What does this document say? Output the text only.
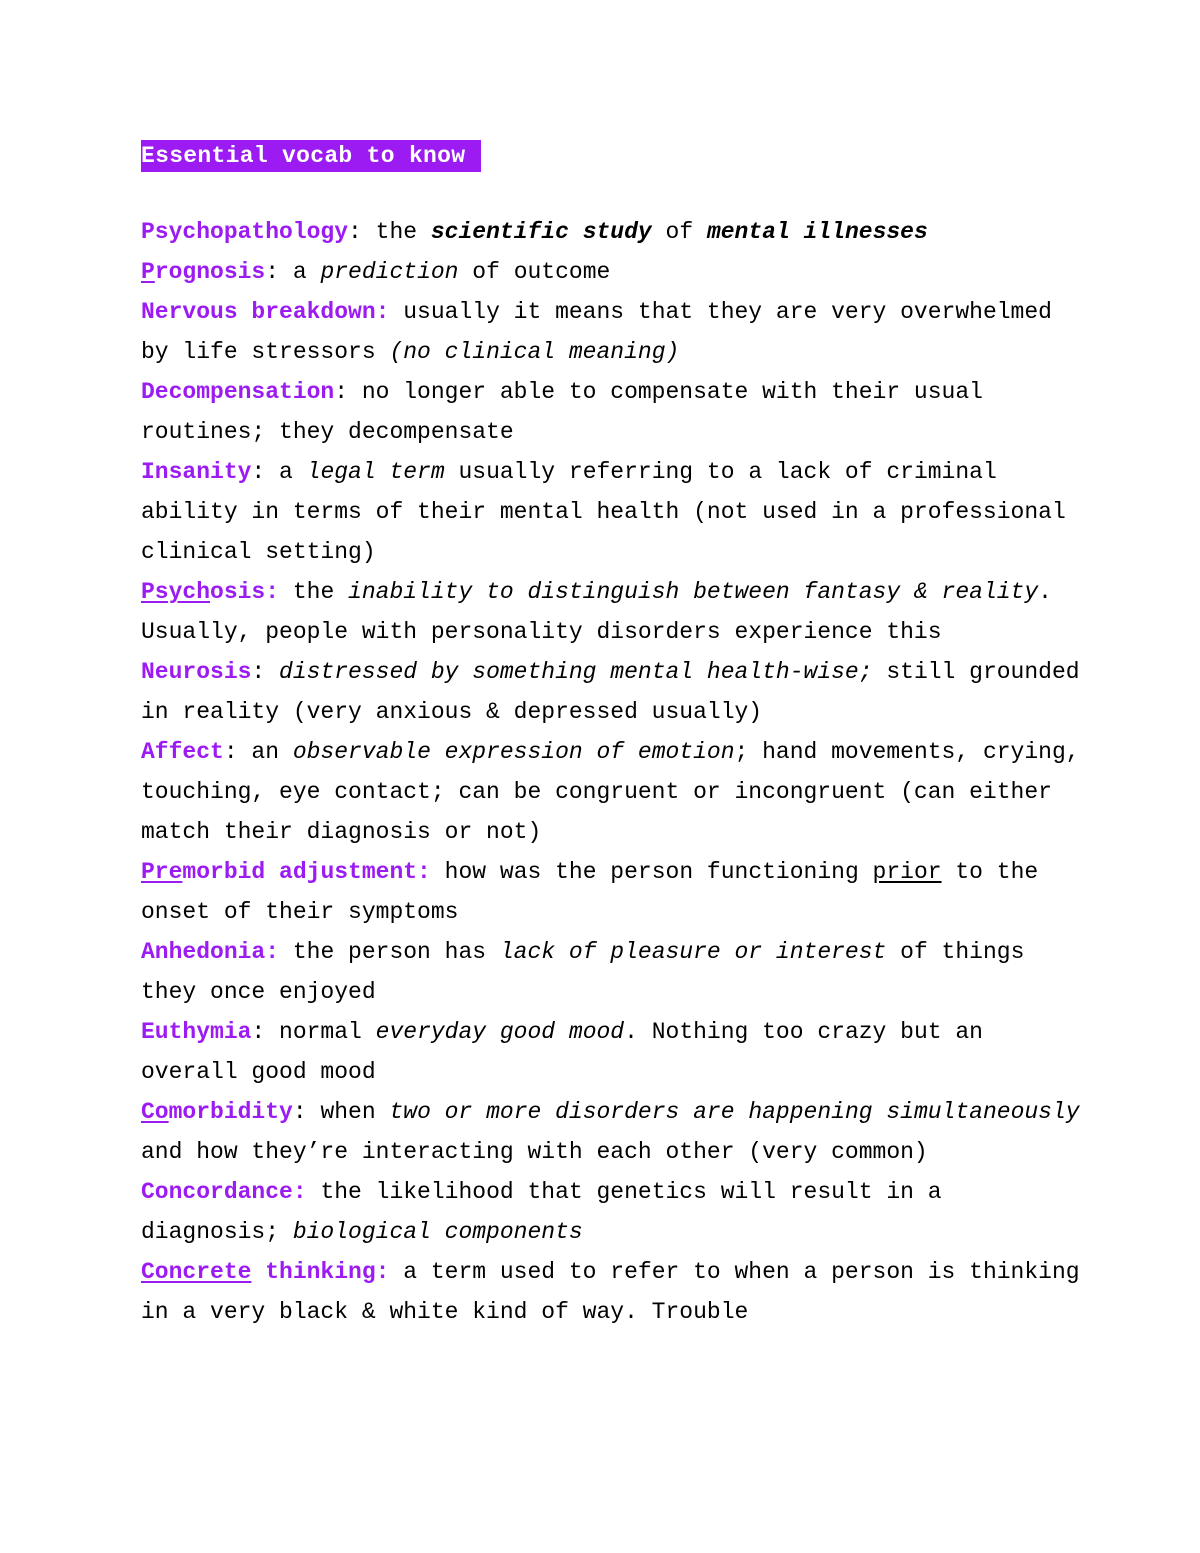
Essential vocab to know

Psychopathology: the scientific study of mental illnesses

Prognosis: a prediction of outcome

Nervous breakdown: usually it means that they are very overwhelmed by life stressors (no clinical meaning)

Decompensation: no longer able to compensate with their usual routines; they decompensate

Insanity: a legal term usually referring to a lack of criminal ability in terms of their mental health (not used in a professional clinical setting)

Psychosis: the inability to distinguish between fantasy & reality. Usually, people with personality disorders experience this

Neurosis: distressed by something mental health-wise; still grounded in reality (very anxious & depressed usually)

Affect: an observable expression of emotion; hand movements, crying, touching, eye contact; can be congruent or incongruent (can either match their diagnosis or not)

Premorbid adjustment: how was the person functioning prior to the onset of their symptoms

Anhedonia: the person has lack of pleasure or interest of things they once enjoyed

Euthymia: normal everyday good mood. Nothing too crazy but an overall good mood

Comorbidity: when two or more disorders are happening simultaneously and how they’re interacting with each other (very common)

Concordance: the likelihood that genetics will result in a diagnosis; biological components

Concrete thinking: a term used to refer to when a person is thinking in a very black & white kind of way. Trouble
